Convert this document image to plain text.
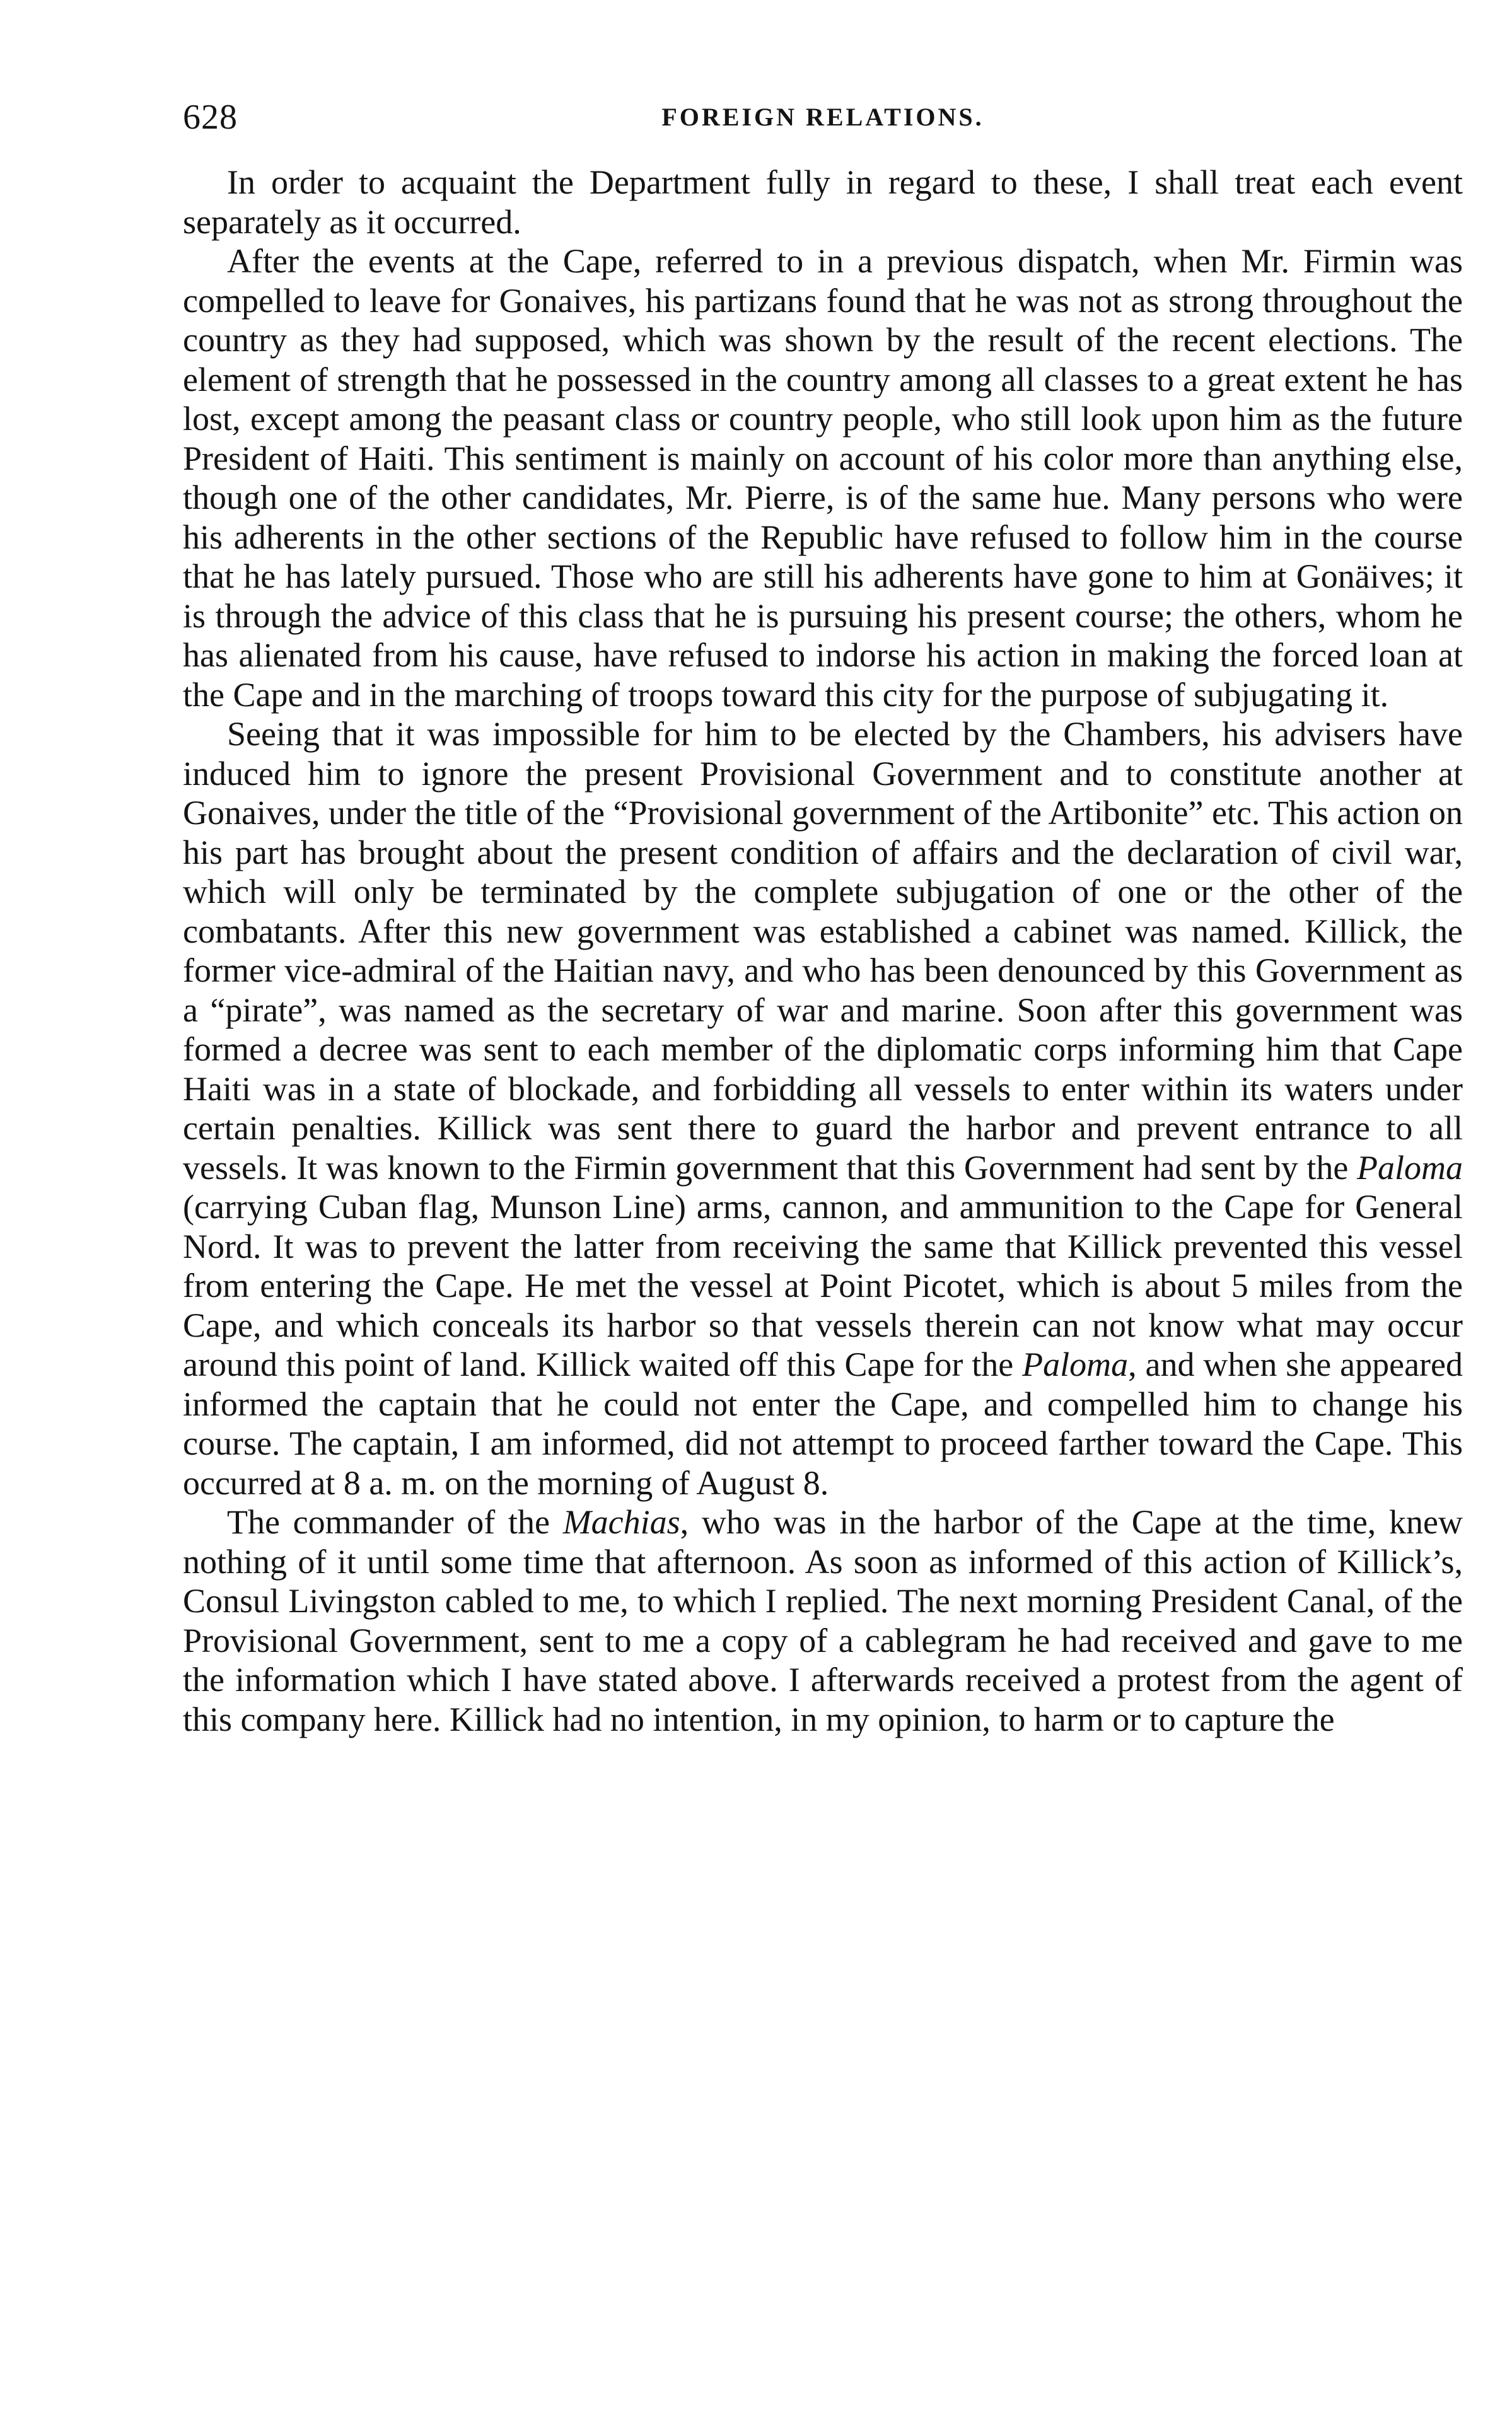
628	FOREIGN RELATIONS.

In order to acquaint the Department fully in regard to these, I shall treat each event separately as it occurred.

After the events at the Cape, referred to in a previous dispatch, when Mr. Firmin was compelled to leave for Gonaives, his partizans found that he was not as strong throughout the country as they had supposed, which was shown by the result of the recent elections. The element of strength that he possessed in the country among all classes to a great extent he has lost, except among the peasant class or country people, who still look upon him as the future President of Haiti. This sentiment is mainly on account of his color more than anything else, though one of the other candidates, Mr. Pierre, is of the same hue. Many persons who were his adherents in the other sections of the Republic have refused to follow him in the course that he has lately pursued. Those who are still his adherents have gone to him at Gonäives; it is through the advice of this class that he is pursuing his present course; the others, whom he has alienated from his cause, have refused to indorse his action in making the forced loan at the Cape and in the marching of troops toward this city for the purpose of subjugating it.

Seeing that it was impossible for him to be elected by the Chambers, his advisers have induced him to ignore the present Provisional Government and to constitute another at Gonaives, under the title of the “Provisional government of the Artibonite” etc. This action on his part has brought about the present condition of affairs and the declaration of civil war, which will only be terminated by the complete subjugation of one or the other of the combatants. After this new government was established a cabinet was named. Killick, the former vice-admiral of the Haitian navy, and who has been denounced by this Government as a “pirate”, was named as the secretary of war and marine. Soon after this government was formed a decree was sent to each member of the diplomatic corps informing him that Cape Haiti was in a state of blockade, and forbidding all vessels to enter within its waters under certain penalties. Killick was sent there to guard the harbor and prevent entrance to all vessels. It was known to the Firmin government that this Government had sent by the Paloma (carrying Cuban flag, Munson Line) arms, cannon, and ammunition to the Cape for General Nord. It was to prevent the latter from receiving the same that Killick prevented this vessel from entering the Cape. He met the vessel at Point Picotet, which is about 5 miles from the Cape, and which conceals its harbor so that vessels therein can not know what may occur around this point of land. Killick waited off this Cape for the Paloma, and when she appeared informed the captain that he could not enter the Cape, and compelled him to change his course. The captain, I am informed, did not attempt to proceed farther toward the Cape. This occurred at 8 a. m. on the morning of August 8.

The commander of the Machias, who was in the harbor of the Cape at the time, knew nothing of it until some time that afternoon. As soon as informed of this action of Killick’s, Consul Livingston cabled to me, to which I replied. The next morning President Canal, of the Provisional Government, sent to me a copy of a cablegram he had received and gave to me the information which I have stated above. I afterwards received a protest from the agent of this company here. Killick had no intention, in my opinion, to harm or to capture the
